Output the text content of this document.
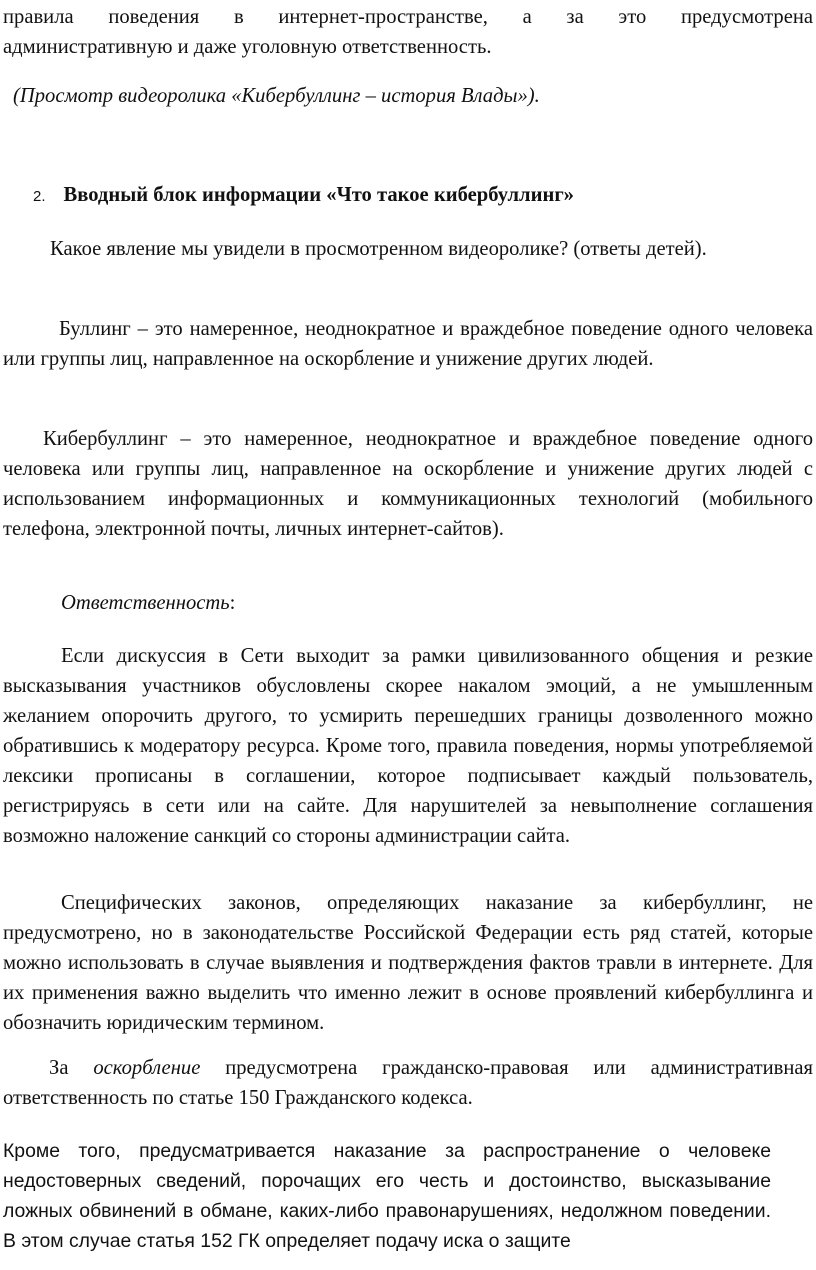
правила поведения в интернет-пространстве, а за это предусмотрена

административную и даже уголовную ответственность.

(Просмотр видеоролика «Кибербуллинг – история Влады»).

2. Вводный блок информации «Что такое кибербуллинг»

Какое явление мы увидели в просмотренном видеоролике? (ответы детей).

Буллинг – это намеренное, неоднократное и враждебное поведение одного человека или группы лиц, направленное на оскорбление и унижение других людей.

Кибербуллинг – это намеренное, неоднократное и враждебное поведение одного человека или группы лиц, направленное на оскорбление и унижение других людей с использованием информационных и коммуникационных технологий (мобильного телефона, электронной почты, личных интернет-сайтов).

Ответственность:

Если дискуссия в Сети выходит за рамки цивилизованного общения и резкие высказывания участников обусловлены скорее накалом эмоций, а не умышленным желанием опорочить другого, то усмирить перешедших границы дозволенного можно обратившись к модератору ресурса. Кроме того, правила поведения, нормы употребляемой лексики прописаны в соглашении, которое подписывает каждый пользователь, регистрируясь в сети или на сайте. Для нарушителей за невыполнение соглашения возможно наложение санкций со стороны администрации сайта.

Специфических законов, определяющих наказание за кибербуллинг, не предусмотрено, но в законодательстве Российской Федерации есть ряд статей, которые можно использовать в случае выявления и подтверждения фактов травли в интернете. Для их применения важно выделить что именно лежит в основе проявлений кибербуллинга и обозначить юридическим термином.

За оскорбление предусмотрена гражданско-правовая или административная ответственность по статье 150 Гражданского кодекса.

Кроме того, предусматривается наказание за распространение о человеке недостоверных сведений, порочащих его честь и достоинство, высказывание ложных обвинений в обмане, каких-либо правонарушениях, недолжном поведении. В этом случае статья 152 ГК определяет подачу иска о защите
